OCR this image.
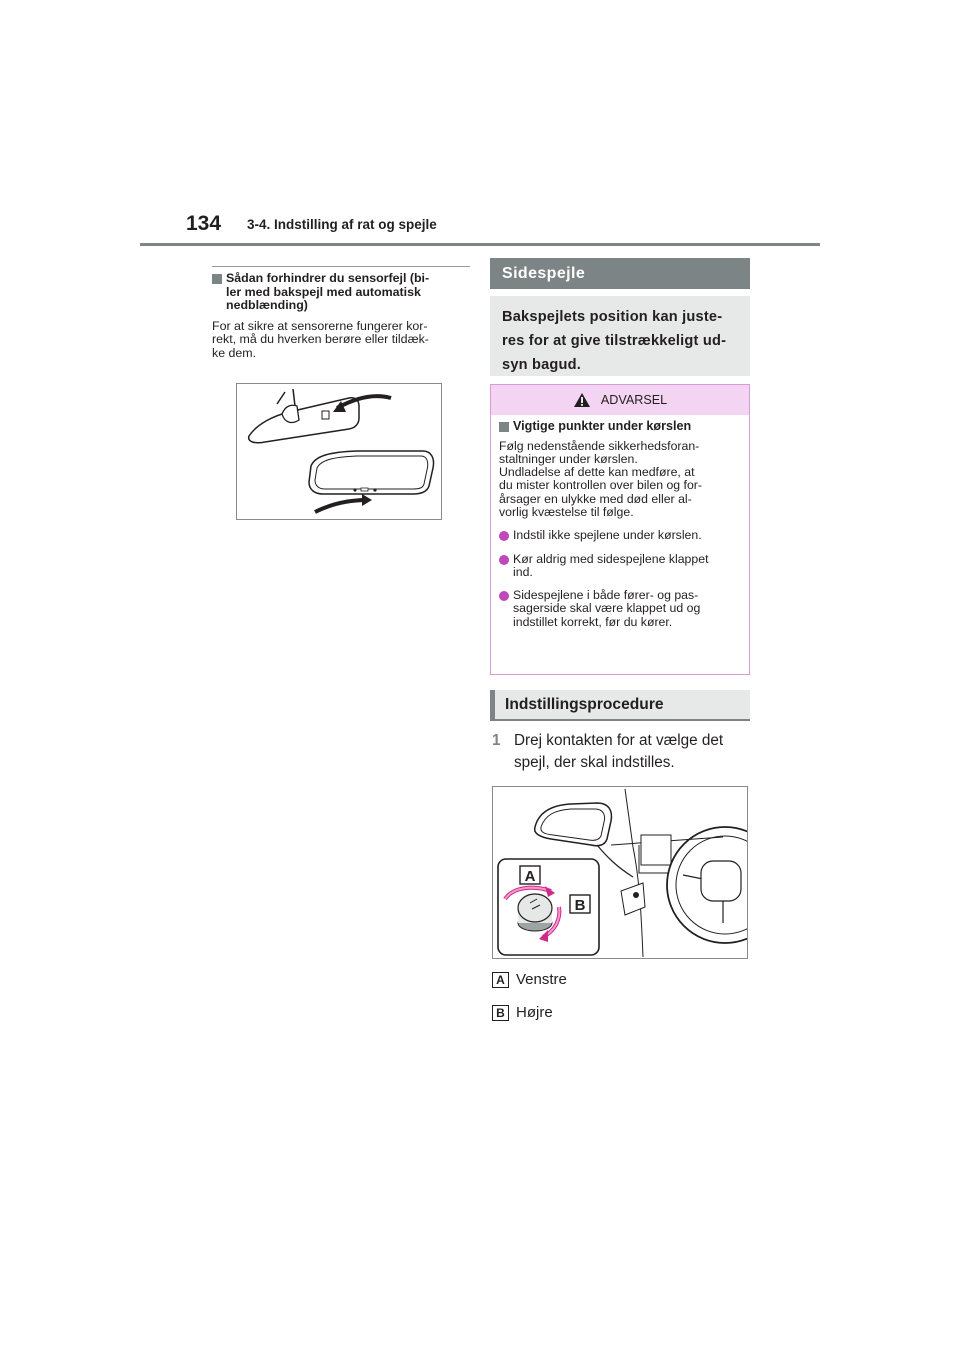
134 3-4. Indstilling af rat og spejle
Sådan forhindrer du sensorfejl (bi-
ler med bakspejl med automatisk
nedblænding)
For at sikre at sensorerne fungerer kor-
rekt, må du hverken berøre eller tildæk-
ke dem.
Sidespejle
Bakspejlets position kan juste-
res for at give tilstrækkeligt ud-
syn bagud.
ADVARSEL
Vigtige punkter under kørslen
Følg nedenstående sikkerhedsforan-
staltninger under kørslen.
Undladelse af dette kan medføre, at
du mister kontrollen over bilen og for-
årsager en ulykke med død eller al-
vorlig kvæstelse til følge.
Indstil ikke spejlene under kørslen.
Kør aldrig med sidespejlene klappet
ind.
Sidespejlene i både fører- og pas-
sagerside skal være klappet ud og
indstillet korrekt, før du kører.
Indstillingsprocedure
1 Drej kontakten for at vælge det
spejl, der skal indstilles.
A
B
A Venstre
B Højre
